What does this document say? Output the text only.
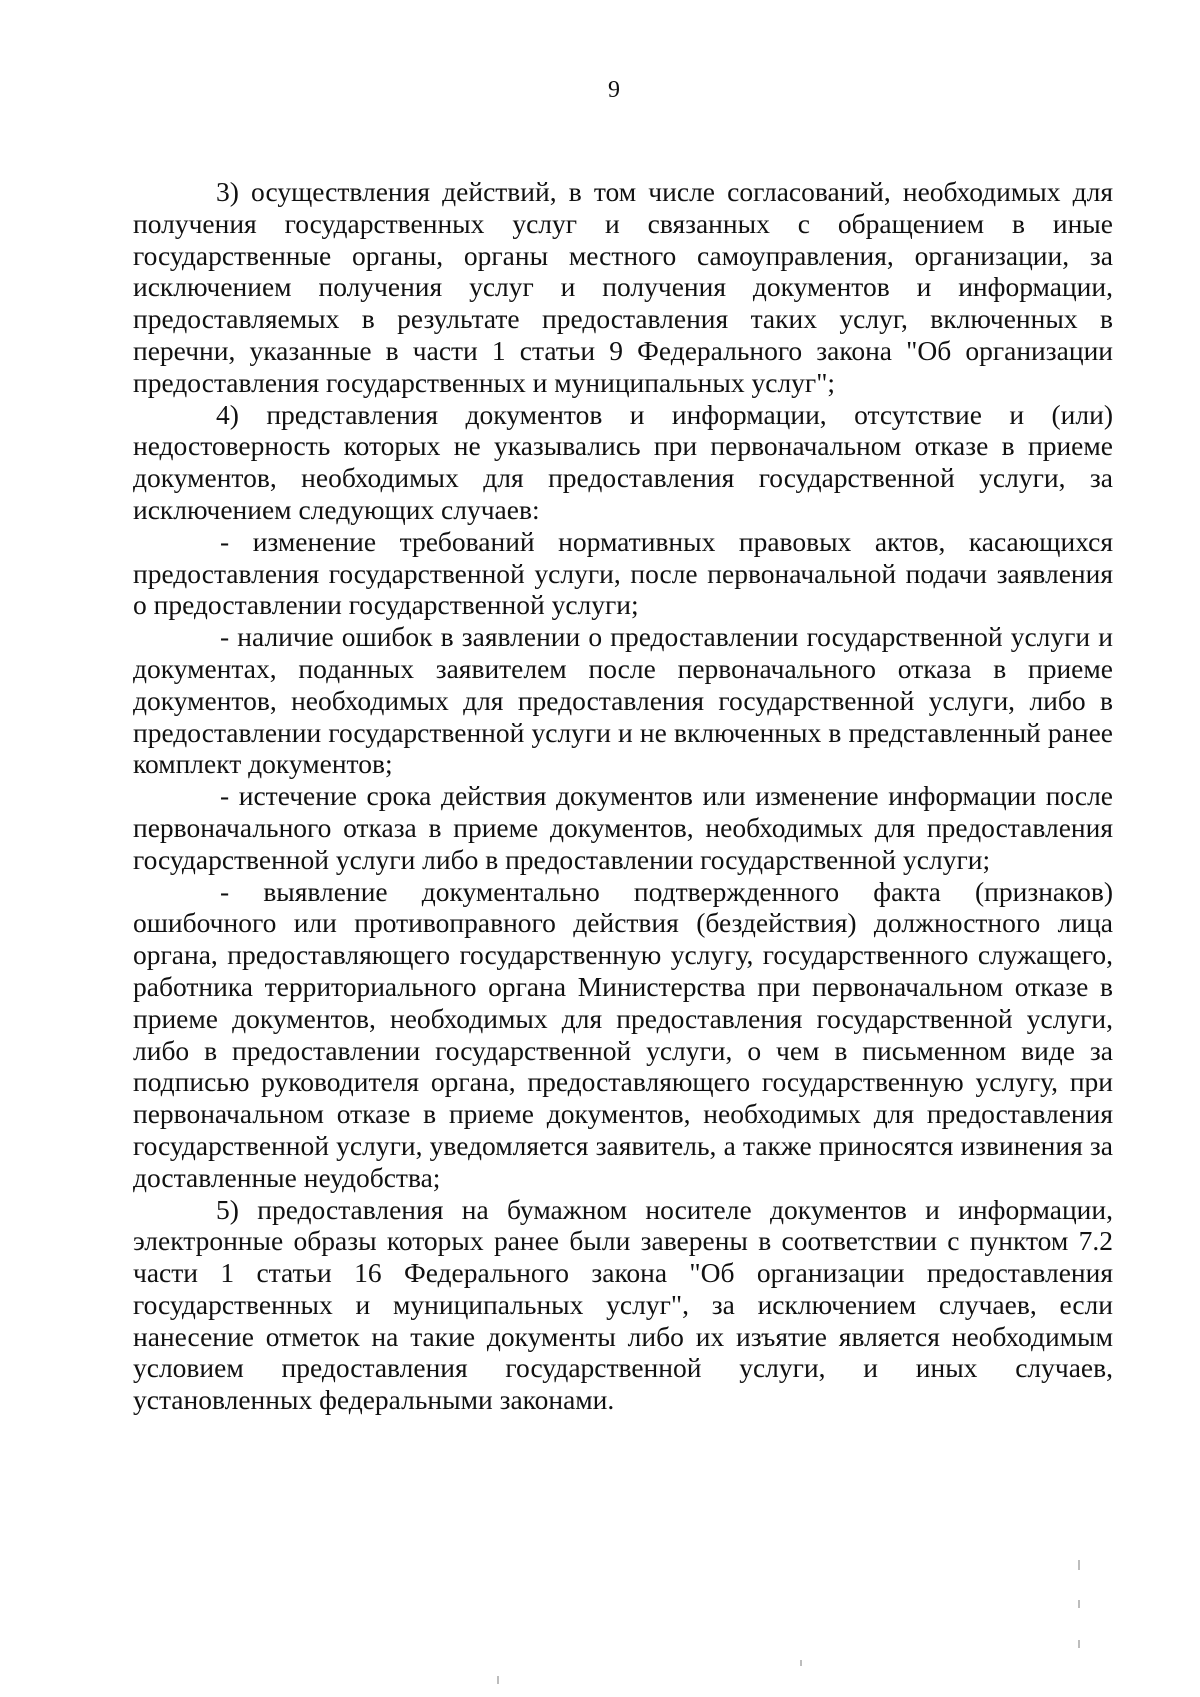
9

3) осуществления действий, в том числе согласований, необходимых для получения государственных услуг и связанных с обращением в иные государственные органы, органы местного самоуправления, организации, за исключением получения услуг и получения документов и информации, предоставляемых в результате предоставления таких услуг, включенных в перечни, указанные в части 1 статьи 9 Федерального закона "Об организации предоставления государственных и муниципальных услуг";

4) представления документов и информации, отсутствие и (или) недостоверность которых не указывались при первоначальном отказе в приеме документов, необходимых для предоставления государственной услуги, за исключением следующих случаев:

- изменение требований нормативных правовых актов, касающихся предоставления государственной услуги, после первоначальной подачи заявления о предоставлении государственной услуги;

- наличие ошибок в заявлении о предоставлении государственной услуги и документах, поданных заявителем после первоначального отказа в приеме документов, необходимых для предоставления государственной услуги, либо в предоставлении государственной услуги и не включенных в представленный ранее комплект документов;

- истечение срока действия документов или изменение информации после первоначального отказа в приеме документов, необходимых для предоставления государственной услуги либо в предоставлении государственной услуги;

- выявление документально подтвержденного факта (признаков) ошибочного или противоправного действия (бездействия) должностного лица органа, предоставляющего государственную услугу, государственного служащего, работника территориального органа Министерства при первоначальном отказе в приеме документов, необходимых для предоставления государственной услуги, либо в предоставлении государственной услуги, о чем в письменном виде за подписью руководителя органа, предоставляющего государственную услугу, при первоначальном отказе в приеме документов, необходимых для предоставления государственной услуги, уведомляется заявитель, а также приносятся извинения за доставленные неудобства;

5) предоставления на бумажном носителе документов и информации, электронные образы которых ранее были заверены в соответствии с пунктом 7.2 части 1 статьи 16 Федерального закона "Об организации предоставления государственных и муниципальных услуг", за исключением случаев, если нанесение отметок на такие документы либо их изъятие является необходимым условием предоставления государственной услуги, и иных случаев, установленных федеральными законами.
